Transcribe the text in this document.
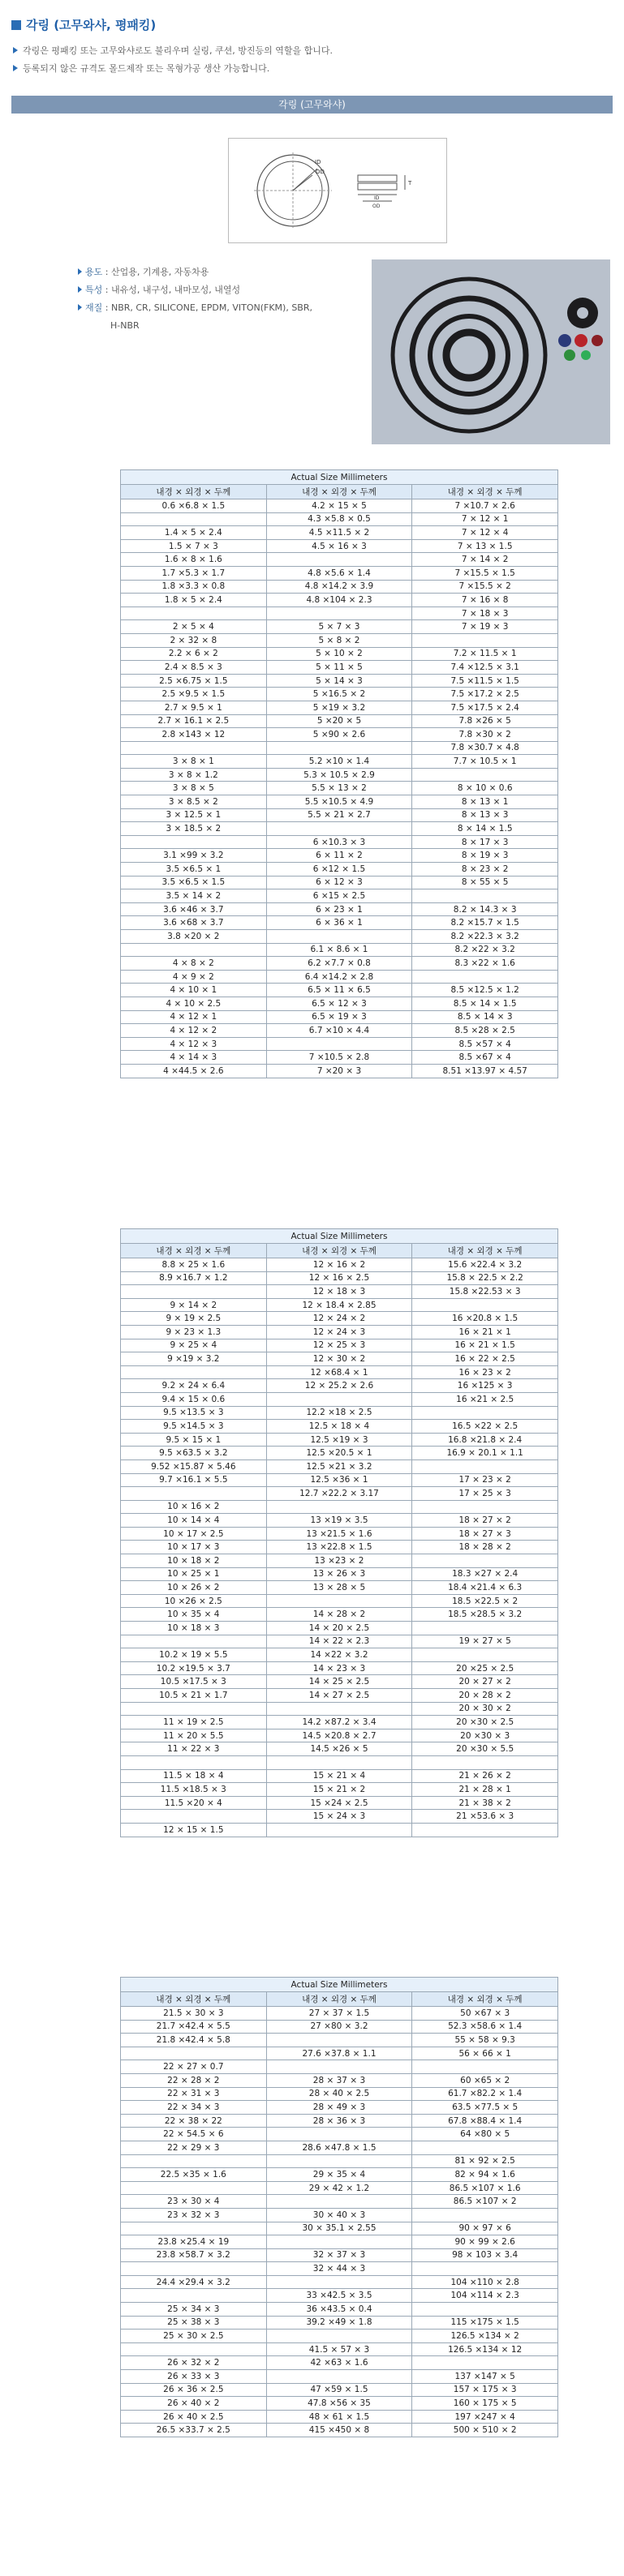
각링 (고무와샤, 평패킹)
각링은 평패킹 또는 고무와샤로도 불리우며 실링, 쿠션, 방진등의 역할을 합니다.
등록되지 않은 규격도 몰드제작 또는 목형가공 생산 가능합니다.
각링 (고무와샤)
ID
OD
OD
ID
T
용도 : 산업용, 기계용, 자동차용
특성 : 내유성, 내구성, 내마모성, 내열성
재질 : NBR, CR, SILICONE, EPDM, VITON(FKM), SBR,
H-NBR
Actual Size Millimeters		
내경 × 외경 × 두께	내경 × 외경 × 두께	내경 × 외경 × 두께
0.6 ×6.8 × 1.5	4.2 × 15 × 5	7 ×10.7 × 2.6
	4.3 ×5.8 × 0.5	7 × 12 × 1
1.4 × 5 × 2.4	4.5 ×11.5 × 2	7 × 12 × 4
1.5 × 7 × 3	4.5 × 16 × 3	7 × 13 × 1.5
1.6 × 8 × 1.6		7 × 14 × 2
1.7 ×5.3 × 1.7	4.8 ×5.6 × 1.4	7 ×15.5 × 1.5
1.8 ×3.3 × 0.8	4.8 ×14.2 × 3.9	7 ×15.5 × 2
1.8 × 5 × 2.4	4.8 ×104 × 2.3	7 × 16 × 8
		7 × 18 × 3
2 × 5 × 4	5 × 7 × 3	7 × 19 × 3
2 × 32 × 8	5 × 8 × 2	
2.2 × 6 × 2	5 × 10 × 2	7.2 × 11.5 × 1
2.4 × 8.5 × 3	5 × 11 × 5	7.4 ×12.5 × 3.1
2.5 ×6.75 × 1.5	5 × 14 × 3	7.5 ×11.5 × 1.5
2.5 ×9.5 × 1.5	5 ×16.5 × 2	7.5 ×17.2 × 2.5
2.7 × 9.5 × 1	5 ×19 × 3.2	7.5 ×17.5 × 2.4
2.7 × 16.1 × 2.5	5 ×20 × 5	7.8 ×26 × 5
2.8 ×143 × 12	5 ×90 × 2.6	7.8 ×30 × 2
		7.8 ×30.7 × 4.8
3 × 8 × 1	5.2 ×10 × 1.4	7.7 × 10.5 × 1
3 × 8 × 1.2	5.3 × 10.5 × 2.9	
3 × 8 × 5	5.5 × 13 × 2	8 × 10 × 0.6
3 × 8.5 × 2	5.5 ×10.5 × 4.9	8 × 13 × 1
3 × 12.5 × 1	5.5 × 21 × 2.7	8 × 13 × 3
3 × 18.5 × 2		8 × 14 × 1.5
	6 ×10.3 × 3	8 × 17 × 3
3.1 ×99 × 3.2	6 × 11 × 2	8 × 19 × 3
3.5 ×6.5 × 1	6 ×12 × 1.5	8 × 23 × 2
3.5 ×6.5 × 1.5	6 × 12 × 3	8 × 55 × 5
3.5 × 14 × 2	6 ×15 × 2.5	
3.6 ×46 × 3.7	6 × 23 × 1	8.2 × 14.3 × 3
3.6 ×68 × 3.7	6 × 36 × 1	8.2 ×15.7 × 1.5
3.8 ×20 × 2		8.2 ×22.3 × 3.2
	6.1 × 8.6 × 1	8.2 ×22 × 3.2
4 × 8 × 2	6.2 ×7.7 × 0.8	8.3 ×22 × 1.6
4 × 9 × 2	6.4 ×14.2 × 2.8	
4 × 10 × 1	6.5 × 11 × 6.5	8.5 ×12.5 × 1.2
4 × 10 × 2.5	6.5 × 12 × 3	8.5 × 14 × 1.5
4 × 12 × 1	6.5 × 19 × 3	8.5 × 14 × 3
4 × 12 × 2	6.7 ×10 × 4.4	8.5 ×28 × 2.5
4 × 12 × 3		8.5 ×57 × 4
4 × 14 × 3	7 ×10.5 × 2.8	8.5 ×67 × 4
4 ×44.5 × 2.6	7 ×20 × 3	8.51 ×13.97 × 4.57
Actual Size Millimeters		
내경 × 외경 × 두께	내경 × 외경 × 두께	내경 × 외경 × 두께
8.8 × 25 × 1.6	12 × 16 × 2	15.6 ×22.4 × 3.2
8.9 ×16.7 × 1.2	12 × 16 × 2.5	15.8 × 22.5 × 2.2
	12 × 18 × 3	15.8 ×22.53 × 3
9 × 14 × 2	12 × 18.4 × 2.85	
9 × 19 × 2.5	12 × 24 × 2	16 ×20.8 × 1.5
9 × 23 × 1.3	12 × 24 × 3	16 × 21 × 1
9 × 25 × 4	12 × 25 × 3	16 × 21 × 1.5
9 ×19 × 3.2	12 × 30 × 2	16 × 22 × 2.5
	12 ×68.4 × 1	16 × 23 × 2
9.2 × 24 × 6.4	12 × 25.2 × 2.6	16 ×125 × 3
9.4 × 15 × 0.6		16 ×21 × 2.5
9.5 ×13.5 × 3	12.2 ×18 × 2.5	
9.5 ×14.5 × 3	12.5 × 18 × 4	16.5 ×22 × 2.5
9.5 × 15 × 1	12.5 ×19 × 3	16.8 ×21.8 × 2.4
9.5 ×63.5 × 3.2	12.5 ×20.5 × 1	16.9 × 20.1 × 1.1
9.52 ×15.87 × 5.46	12.5 ×21 × 3.2	
9.7 ×16.1 × 5.5	12.5 ×36 × 1	17 × 23 × 2
	12.7 ×22.2 × 3.17	17 × 25 × 3
10 × 16 × 2		
10 × 14 × 4	13 ×19 × 3.5	18 × 27 × 2
10 × 17 × 2.5	13 ×21.5 × 1.6	18 × 27 × 3
10 × 17 × 3	13 ×22.8 × 1.5	18 × 28 × 2
10 × 18 × 2	13 ×23 × 2	
10 × 25 × 1	13 × 26 × 3	18.3 ×27 × 2.4
10 × 26 × 2	13 × 28 × 5	18.4 ×21.4 × 6.3
10 ×26 × 2.5		18.5 ×22.5 × 2
10 × 35 × 4	14 × 28 × 2	18.5 ×28.5 × 3.2
10 × 18 × 3	14 × 20 × 2.5	
	14 × 22 × 2.3	19 × 27 × 5
10.2 × 19 × 5.5	14 ×22 × 3.2	
10.2 ×19.5 × 3.7	14 × 23 × 3	20 ×25 × 2.5
10.5 ×17.5 × 3	14 × 25 × 2.5	20 × 27 × 2
10.5 × 21 × 1.7	14 × 27 × 2.5	20 × 28 × 2
		20 × 30 × 2
11 × 19 × 2.5	14.2 ×87.2 × 3.4	20 ×30 × 2.5
11 × 20 × 5.5	14.5 ×20.8 × 2.7	20 ×30 × 3
11 × 22 × 3	14.5 ×26 × 5	20 ×30 × 5.5

11.5 × 18 × 4	15 × 21 × 4	21 × 26 × 2
11.5 ×18.5 × 3	15 × 21 × 2	21 × 28 × 1
11.5 ×20 × 4	15 ×24 × 2.5	21 × 38 × 2
	15 × 24 × 3	21 ×53.6 × 3
12 × 15 × 1.5		
Actual Size Millimeters		
내경 × 외경 × 두께	내경 × 외경 × 두께	내경 × 외경 × 두께
21.5 × 30 × 3	27 × 37 × 1.5	50 ×67 × 3
21.7 ×42.4 × 5.5	27 ×80 × 3.2	52.3 ×58.6 × 1.4
21.8 ×42.4 × 5.8		55 × 58 × 9.3
	27.6 ×37.8 × 1.1	56 × 66 × 1
22 × 27 × 0.7		
22 × 28 × 2	28 × 37 × 3	60 ×65 × 2
22 × 31 × 3	28 × 40 × 2.5	61.7 ×82.2 × 1.4
22 × 34 × 3	28 × 49 × 3	63.5 ×77.5 × 5
22 × 38 × 22	28 × 36 × 3	67.8 ×88.4 × 1.4
22 × 54.5 × 6		64 ×80 × 5
22 × 29 × 3	28.6 ×47.8 × 1.5	
		81 × 92 × 2.5
22.5 ×35 × 1.6	29 × 35 × 4	82 × 94 × 1.6
	29 × 42 × 1.2	86.5 ×107 × 1.6
23 × 30 × 4		86.5 ×107 × 2
23 × 32 × 3	30 × 40 × 3	
	30 × 35.1 × 2.55	90 × 97 × 6
23.8 ×25.4 × 19		90 × 99 × 2.6
23.8 ×58.7 × 3.2	32 × 37 × 3	98 × 103 × 3.4
	32 × 44 × 3	
24.4 ×29.4 × 3.2		104 ×110 × 2.8
	33 ×42.5 × 3.5	104 ×114 × 2.3
25 × 34 × 3	36 ×43.5 × 0.4	
25 × 38 × 3	39.2 ×49 × 1.8	115 ×175 × 1.5
25 × 30 × 2.5		126.5 ×134 × 2
	41.5 × 57 × 3	126.5 ×134 × 12
26 × 32 × 2	42 ×63 × 1.6	
26 × 33 × 3		137 ×147 × 5
26 × 36 × 2.5	47 ×59 × 1.5	157 × 175 × 3
26 × 40 × 2	47.8 ×56 × 35	160 × 175 × 5
26 × 40 × 2.5	48 × 61 × 1.5	197 ×247 × 4
26.5 ×33.7 × 2.5	415 ×450 × 8	500 × 510 × 2
